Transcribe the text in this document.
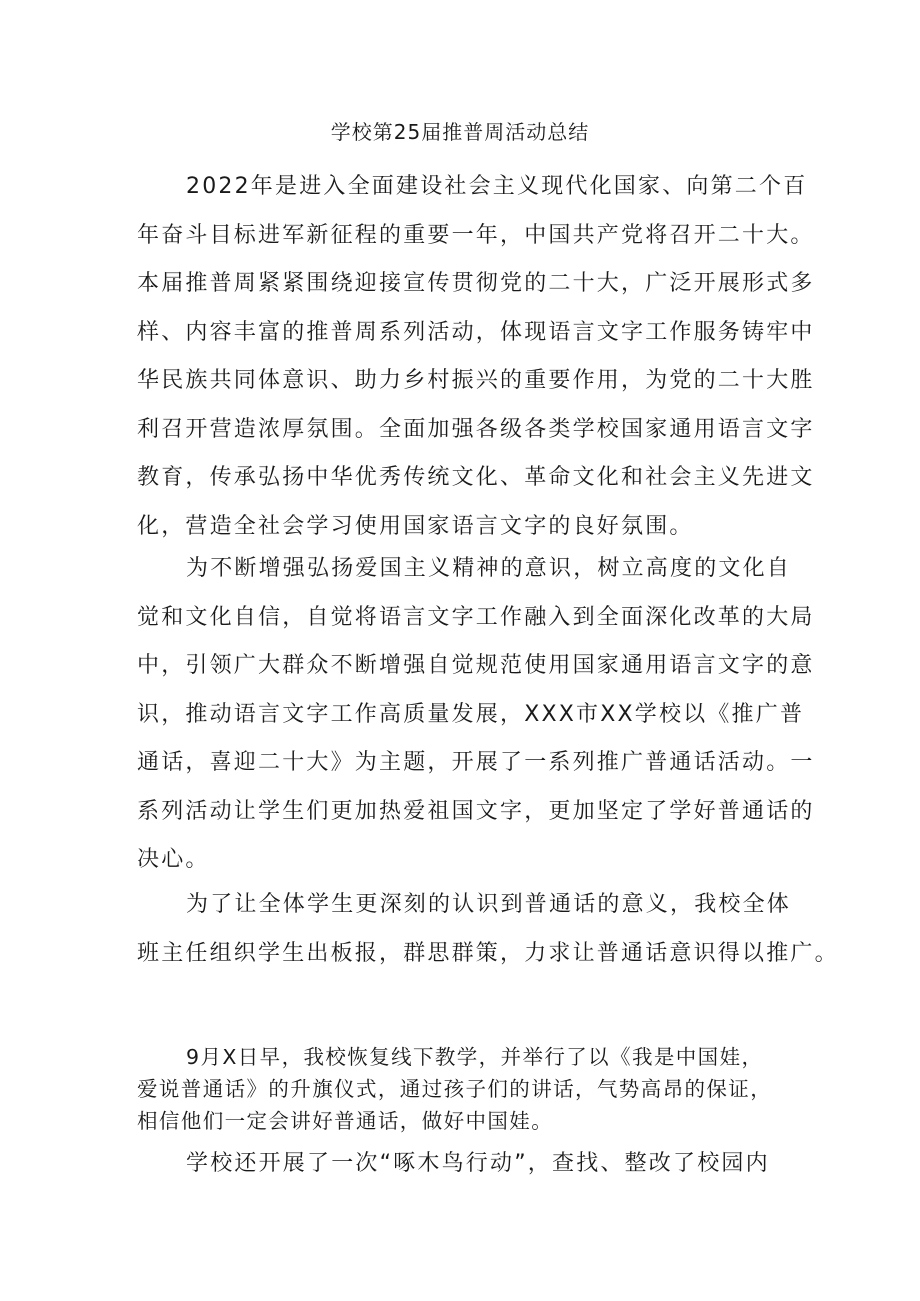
学校第25届推普周活动总结
2022年是进入全面建设社会主义现代化国家、向第二个百
年奋斗目标进军新征程的重要一年，中国共产党将召开二十大。
本届推普周紧紧围绕迎接宣传贯彻党的二十大，广泛开展形式多
样、内容丰富的推普周系列活动，体现语言文字工作服务铸牢中
华民族共同体意识、助力乡村振兴的重要作用，为党的二十大胜
利召开营造浓厚氛围。全面加强各级各类学校国家通用语言文字
教育，传承弘扬中华优秀传统文化、革命文化和社会主义先进文
化，营造全社会学习使用国家语言文字的良好氛围。
为不断增强弘扬爱国主义精神的意识，树立高度的文化自
觉和文化自信，自觉将语言文字工作融入到全面深化改革的大局
中，引领广大群众不断增强自觉规范使用国家通用语言文字的意
识，推动语言文字工作高质量发展，XXX市XX学校以《推广普
通话，喜迎二十大》为主题，开展了一系列推广普通话活动。一
系列活动让学生们更加热爱祖国文字，更加坚定了学好普通话的
决心。
为了让全体学生更深刻的认识到普通话的意义，我校全体
班主任组织学生出板报，群思群策，力求让普通话意识得以推广。
9月X日早，我校恢复线下教学，并举行了以《我是中国娃，
爱说普通话》的升旗仪式，通过孩子们的讲话，气势高昂的保证，
相信他们一定会讲好普通话，做好中国娃。
学校还开展了一次“啄木鸟行动”，查找、整改了校园内
